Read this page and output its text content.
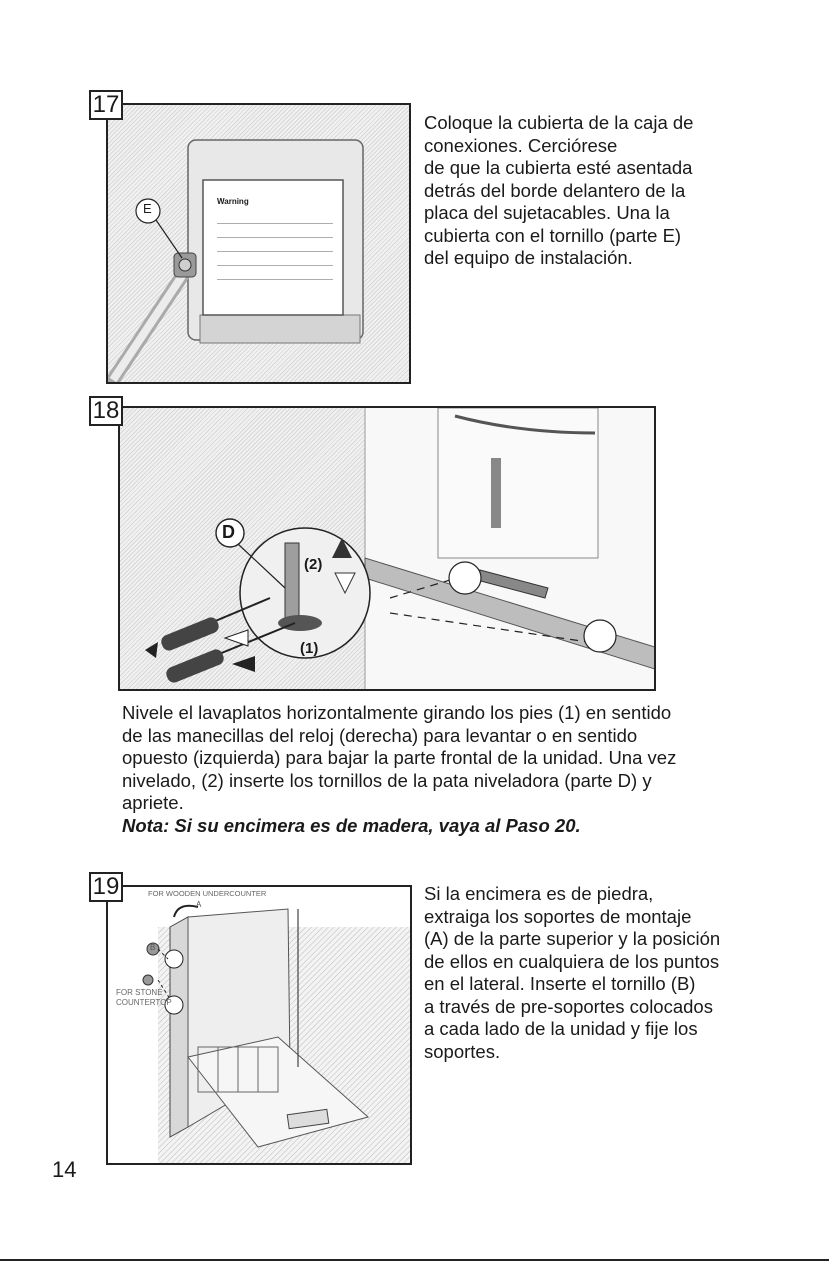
E	Warning
17

Coloque la cubierta de la caja de

conexiones. Cerciórese

de que la cubierta esté asentada

detrás del borde delantero de la

placa del sujetacables. Una la

cubierta con el tornillo (parte E)

del equipo de instalación.

D
(2)
(1)
18

Nivele el lavaplatos horizontalmente girando los pies (1) en sentido

de las manecillas del reloj (derecha) para levantar o en sentido

opuesto (izquierda) para bajar la parte frontal de la unidad. Una vez

nivelado, (2) inserte los tornillos de la pata niveladora (parte D) y

apriete.

Nota: Si su encimera es de madera, vaya al Paso 20.

FOR WOODEN UNDERCOUNTER
A
B
FOR STONE
COUNTERTOP
19	Si la encimera es de piedra,

extraiga los soportes de montaje

(A) de la parte superior y la posición

de ellos en cualquiera de los puntos

en el lateral. Inserte el tornillo (B)

a través de pre-soportes colocados

a cada lado de la unidad y fije los

soportes.

14
